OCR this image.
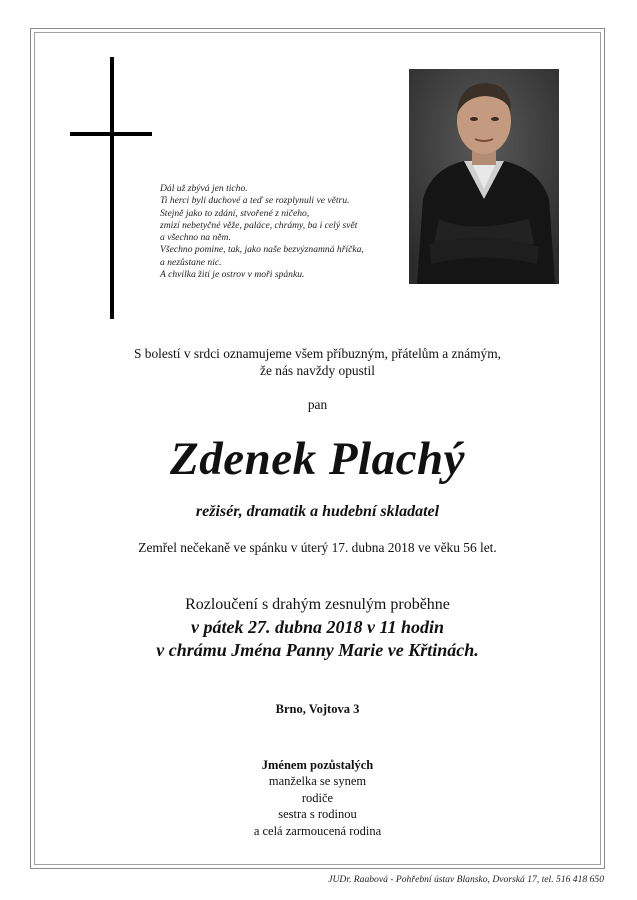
Dál už zbývá jen ticho.
Ti herci byli duchové a teď se rozplynuli ve větru.
Stejně jako to zdání, stvořené z ničeho,
zmizí nebetyčné věže, paláce, chrámy, ba i celý svět
a všechno na něm.
Všechno pomine, tak, jako naše bezvýznamná hříčka,
a nezůstane nic.
A chvilka žití je ostrov v moři spánku.
S bolestí v srdci oznamujeme všem příbuzným, přátelům a známým,
že nás navždy opustil
pan
Zdenek Plachý
režisér, dramatik a hudební skladatel
Zemřel nečekaně ve spánku v úterý 17. dubna 2018 ve věku 56 let.
Rozloučení s drahým zesnulým proběhne
v pátek 27. dubna 2018 v 11 hodin
v chrámu Jména Panny Marie ve Křtinách.
Brno, Vojtova 3
Jménem pozůstalých
manželka se synem
rodiče
sestra s rodinou
a celá zarmoucená rodina
JUDr. Raabová - Pohřební ústav Blansko, Dvorská 17, tel. 516 418 650
